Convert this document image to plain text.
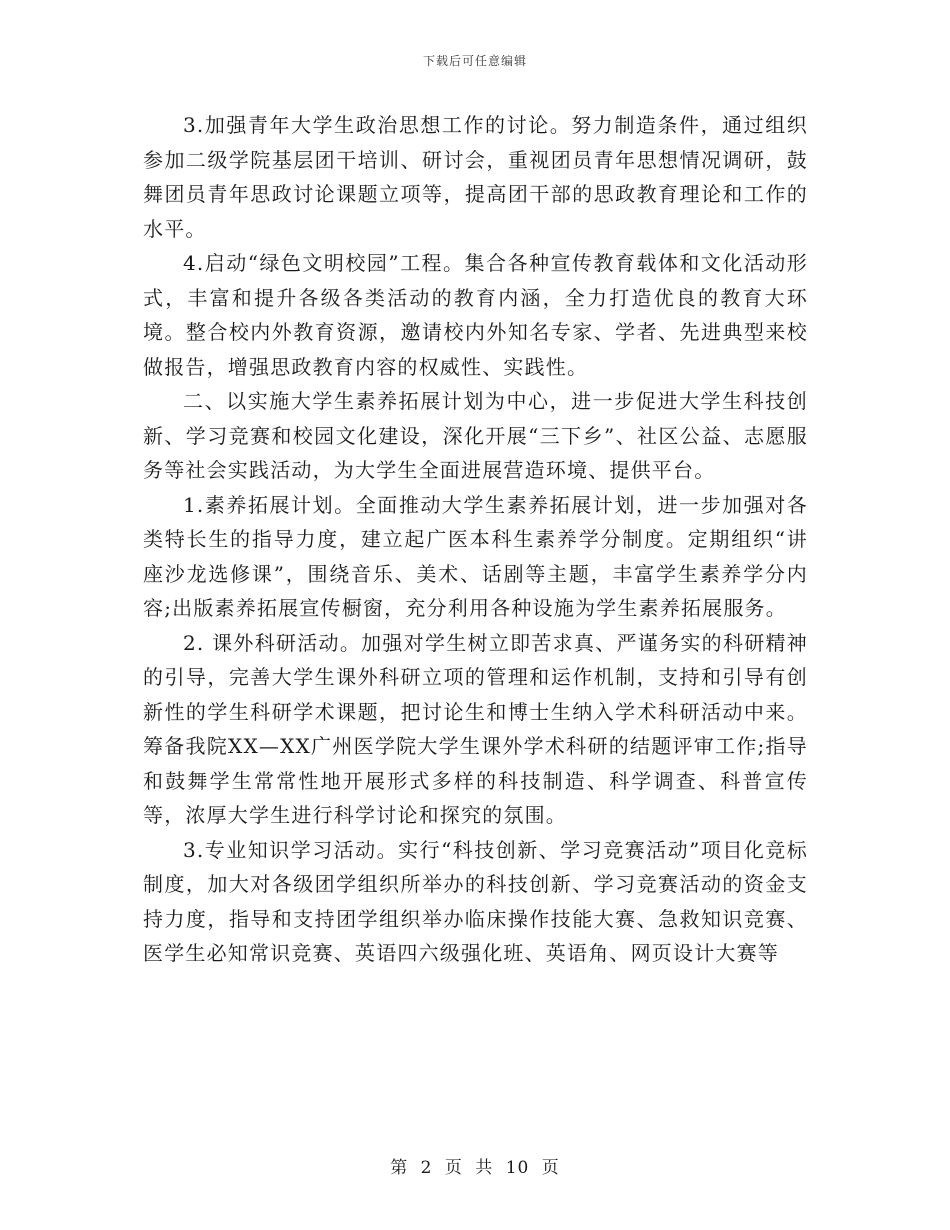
下载后可任意编辑

3.加强青年大学生政治思想工作的讨论。努力制造条件，通过组织参加二级学院基层团干培训、研讨会，重视团员青年思想情况调研，鼓舞团员青年思政讨论课题立项等，提高团干部的思政教育理论和工作的水平。

4.启动“绿色文明校园”工程。集合各种宣传教育载体和文化活动形式，丰富和提升各级各类活动的教育内涵，全力打造优良的教育大环境。整合校内外教育资源，邀请校内外知名专家、学者、先进典型来校做报告，增强思政教育内容的权威性、实践性。

二、以实施大学生素养拓展计划为中心，进一步促进大学生科技创新、学习竞赛和校园文化建设，深化开展“三下乡”、社区公益、志愿服务等社会实践活动，为大学生全面进展营造环境、提供平台。

1.素养拓展计划。全面推动大学生素养拓展计划，进一步加强对各类特长生的指导力度，建立起广医本科生素养学分制度。定期组织“讲座沙龙选修课”，围绕音乐、美术、话剧等主题，丰富学生素养学分内容;出版素养拓展宣传橱窗，充分利用各种设施为学生素养拓展服务。

2. 课外科研活动。加强对学生树立即苦求真、严谨务实的科研精神的引导，完善大学生课外科研立项的管理和运作机制，支持和引导有创新性的学生科研学术课题，把讨论生和博士生纳入学术科研活动中来。筹备我院XX—XX广州医学院大学生课外学术科研的结题评审工作;指导和鼓舞学生常常性地开展形式多样的科技制造、科学调查、科普宣传等，浓厚大学生进行科学讨论和探究的氛围。

3.专业知识学习活动。实行“科技创新、学习竞赛活动”项目化竞标制度，加大对各级团学组织所举办的科技创新、学习竞赛活动的资金支持力度，指导和支持团学组织举办临床操作技能大赛、急救知识竞赛、医学生必知常识竞赛、英语四六级强化班、英语角、网页设计大赛等

第 2 页 共 10 页
